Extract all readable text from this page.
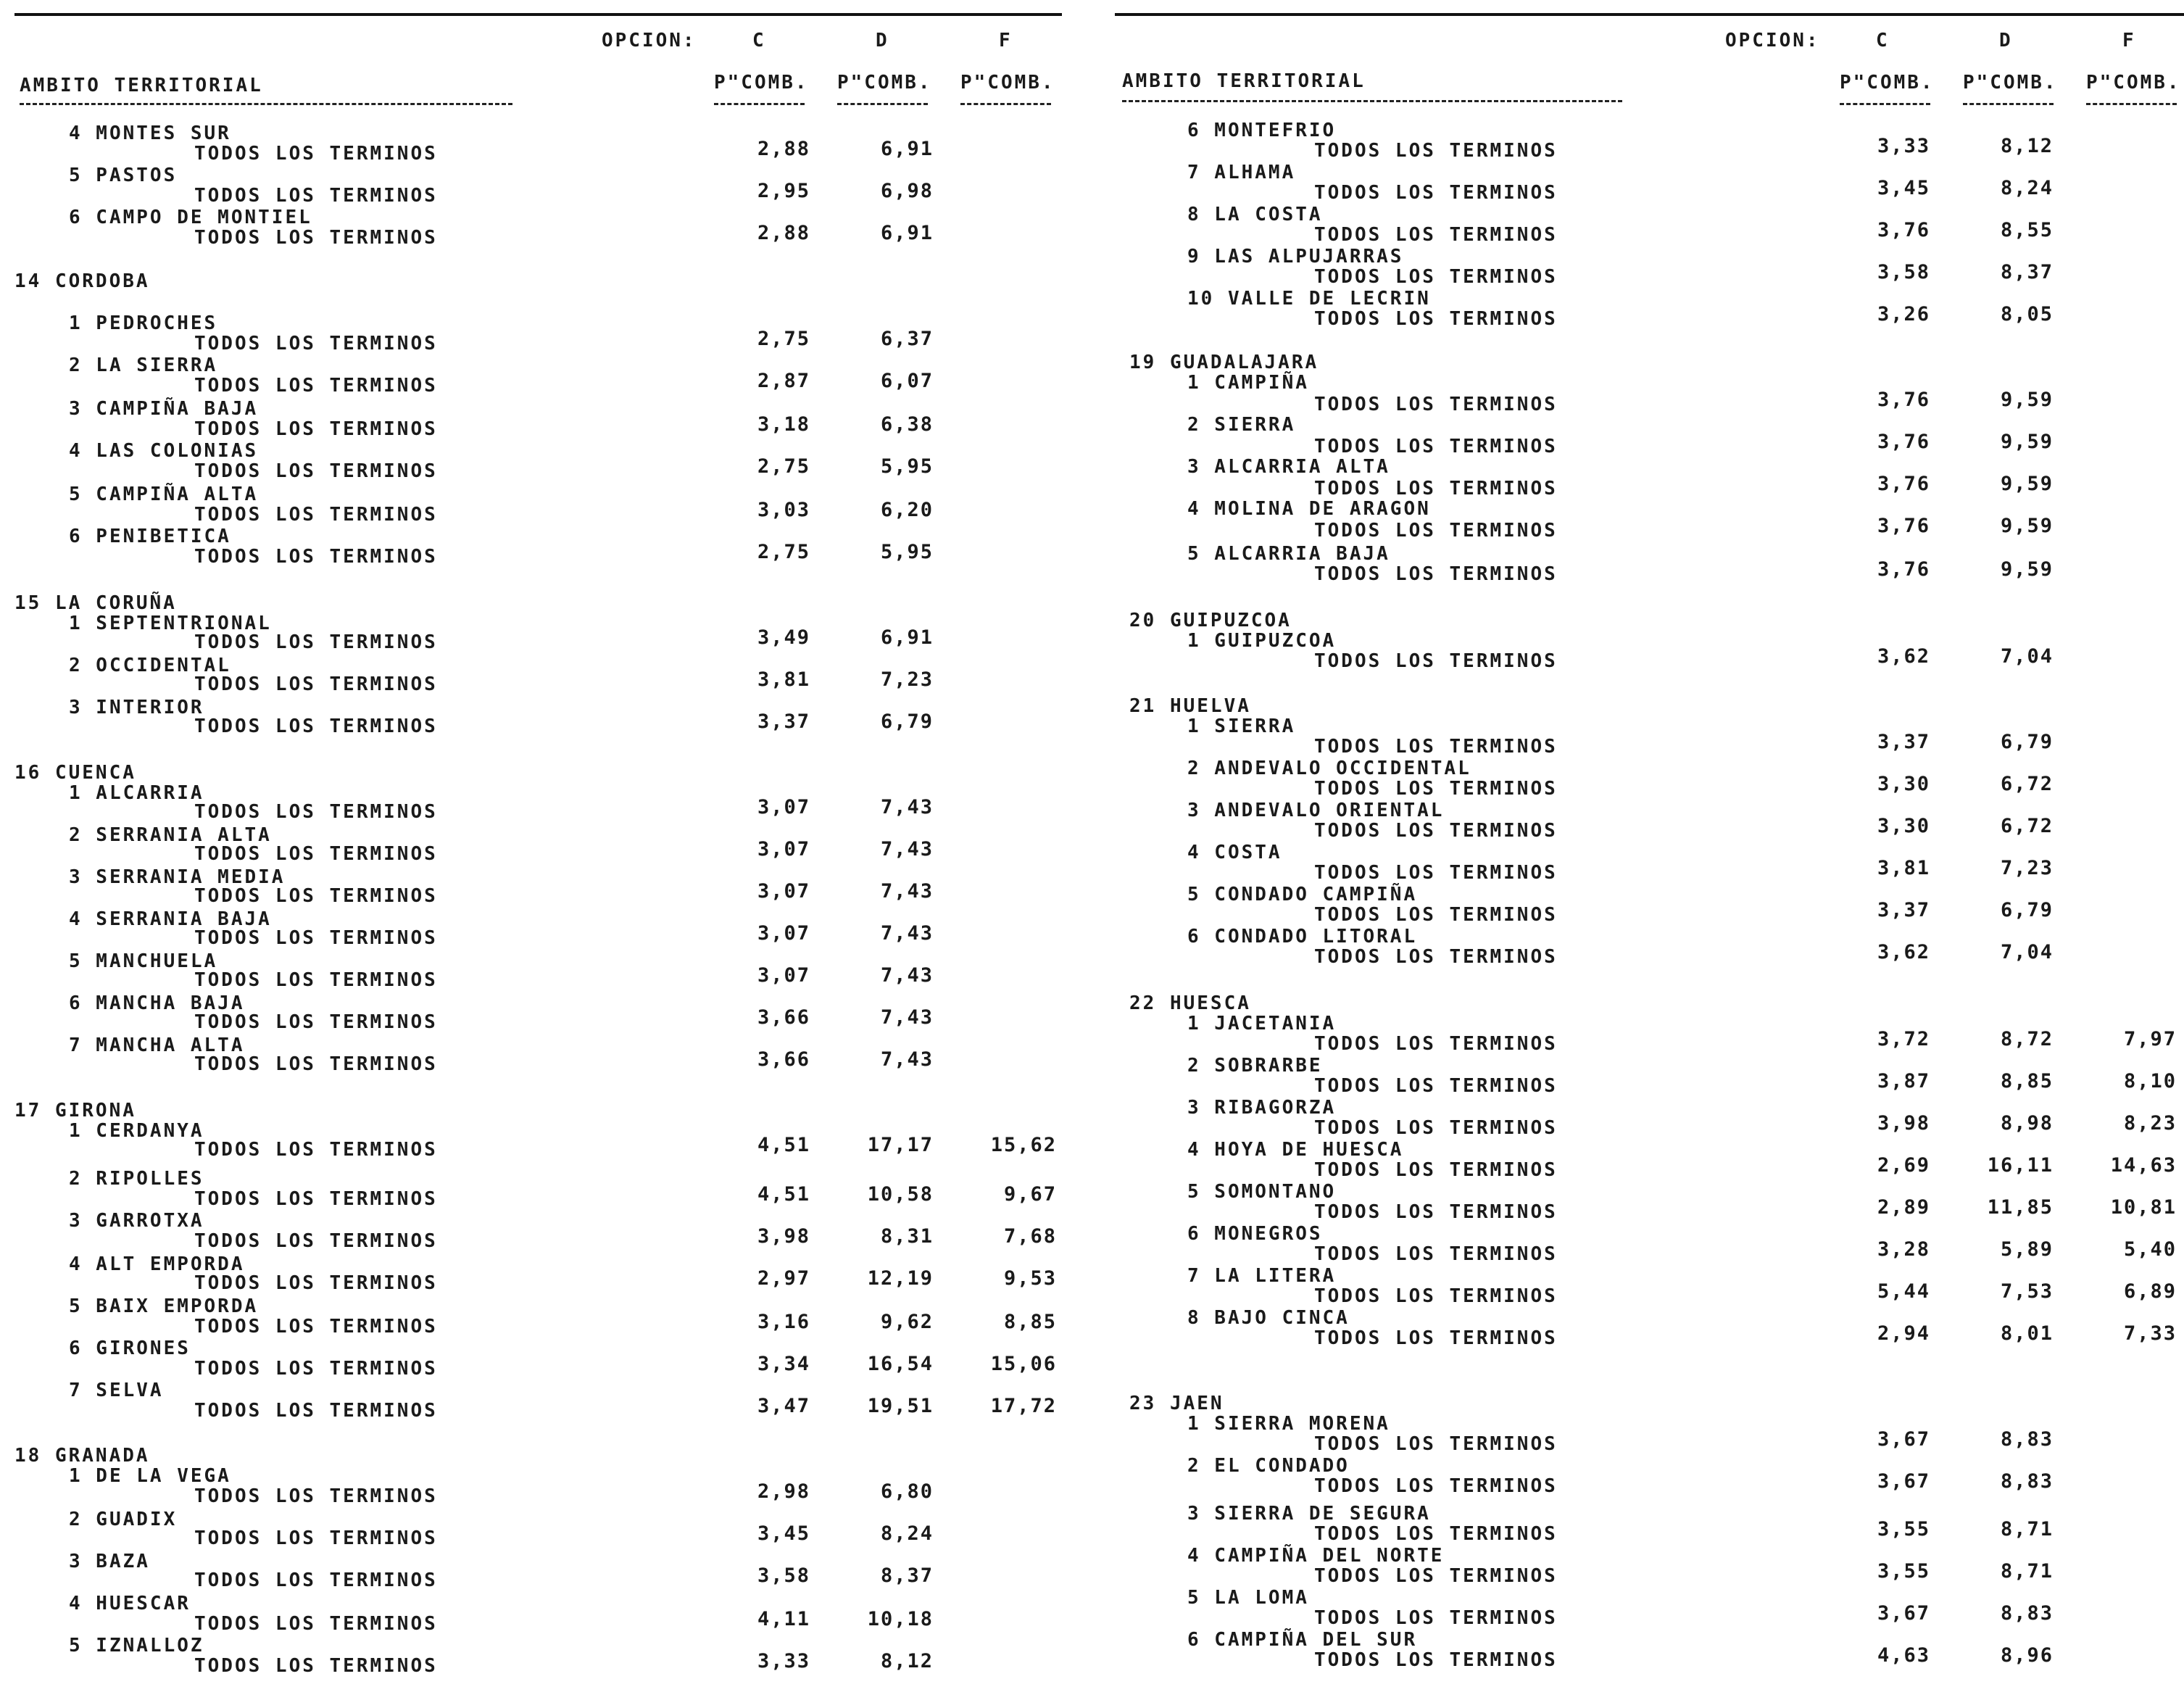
OPCION:	C	D	F
AMBITO TERRITORIAL	P"COMB. P"COMB. P"COMB.
4 MONTES SUR
TODOS LOS TERMINOS	2,88	6,91
5 PASTOS
TODOS LOS TERMINOS	2,95	6,98
6 CAMPO DE MONTIEL
TODOS LOS TERMINOS	2,88	6,91
14 CORDOBA
1 PEDROCHES
TODOS LOS TERMINOS	2,75	6,37
2 LA SIERRA
TODOS LOS TERMINOS	2,87	6,07
3 CAMPIÑA BAJA
TODOS LOS TERMINOS	3,18	6,38
4 LAS COLONIAS
TODOS LOS TERMINOS	2,75	5,95
5 CAMPIÑA ALTA
TODOS LOS TERMINOS	3,03	6,20
6 PENIBETICA
TODOS LOS TERMINOS	2,75	5,95
15 LA CORUÑA
1 SEPTENTRIONAL
TODOS LOS TERMINOS	3,49	6,91
2 OCCIDENTAL
TODOS LOS TERMINOS	3,81	7,23
3 INTERIOR
TODOS LOS TERMINOS	3,37	6,79
16 CUENCA
1 ALCARRIA
TODOS LOS TERMINOS	3,07	7,43
2 SERRANIA ALTA
TODOS LOS TERMINOS	3,07	7,43
3 SERRANIA MEDIA
TODOS LOS TERMINOS	3,07	7,43
4 SERRANIA BAJA
TODOS LOS TERMINOS	3,07	7,43
5 MANCHUELA
TODOS LOS TERMINOS	3,07	7,43
6 MANCHA BAJA
TODOS LOS TERMINOS	3,66	7,43
7 MANCHA ALTA
TODOS LOS TERMINOS	3,66	7,43
17 GIRONA
1 CERDANYA
TODOS LOS TERMINOS	4,51	17,17	15,62
2 RIPOLLES
TODOS LOS TERMINOS	4,51	10,58	9,67
3 GARROTXA
TODOS LOS TERMINOS	3,98	8,31	7,68
4 ALT EMPORDA
TODOS LOS TERMINOS	2,97	12,19	9,53
5 BAIX EMPORDA
TODOS LOS TERMINOS	3,16	9,62	8,85
6 GIRONES
TODOS LOS TERMINOS	3,34	16,54	15,06
7 SELVA
TODOS LOS TERMINOS	3,47	19,51	17,72
18 GRANADA
1 DE LA VEGA
TODOS LOS TERMINOS	2,98	6,80
2 GUADIX
TODOS LOS TERMINOS	3,45	8,24
3 BAZA
TODOS LOS TERMINOS	3,58	8,37
4 HUESCAR
TODOS LOS TERMINOS	4,11	10,18
5 IZNALLOZ
TODOS LOS TERMINOS	3,33	8,12
OPCION:	C	D	F
AMBITO TERRITORIAL	P"COMB. P"COMB. P"COMB.
6 MONTEFRIO
TODOS LOS TERMINOS	3,33	8,12
7 ALHAMA
TODOS LOS TERMINOS	3,45	8,24
8 LA COSTA
TODOS LOS TERMINOS	3,76	8,55
9 LAS ALPUJARRAS
TODOS LOS TERMINOS	3,58	8,37
10 VALLE DE LECRIN
TODOS LOS TERMINOS	3,26	8,05
19 GUADALAJARA
1 CAMPIÑA
TODOS LOS TERMINOS	3,76	9,59
2 SIERRA
TODOS LOS TERMINOS	3,76	9,59
3 ALCARRIA ALTA
TODOS LOS TERMINOS	3,76	9,59
4 MOLINA DE ARAGON
TODOS LOS TERMINOS	3,76	9,59
5 ALCARRIA BAJA
TODOS LOS TERMINOS	3,76	9,59
20 GUIPUZCOA
1 GUIPUZCOA
TODOS LOS TERMINOS	3,62	7,04
21 HUELVA
1 SIERRA
TODOS LOS TERMINOS	3,37	6,79
2 ANDEVALO OCCIDENTAL
TODOS LOS TERMINOS	3,30	6,72
3 ANDEVALO ORIENTAL
TODOS LOS TERMINOS	3,30	6,72
4 COSTA
TODOS LOS TERMINOS	3,81	7,23
5 CONDADO CAMPIÑA
TODOS LOS TERMINOS	3,37	6,79
6 CONDADO LITORAL
TODOS LOS TERMINOS	3,62	7,04
22 HUESCA
1 JACETANIA
TODOS LOS TERMINOS	3,72	8,72	7,97
2 SOBRARBE
TODOS LOS TERMINOS	3,87	8,85	8,10
3 RIBAGORZA
TODOS LOS TERMINOS	3,98	8,98	8,23
4 HOYA DE HUESCA
TODOS LOS TERMINOS	2,69	16,11	14,63
5 SOMONTANO
TODOS LOS TERMINOS	2,89	11,85	10,81
6 MONEGROS
TODOS LOS TERMINOS	3,28	5,89	5,40
7 LA LITERA
TODOS LOS TERMINOS	5,44	7,53	6,89
8 BAJO CINCA
TODOS LOS TERMINOS	2,94	8,01	7,33
23 JAEN
1 SIERRA MORENA
TODOS LOS TERMINOS	3,67	8,83
2 EL CONDADO
TODOS LOS TERMINOS	3,67	8,83
3 SIERRA DE SEGURA
TODOS LOS TERMINOS	3,55	8,71
4 CAMPIÑA DEL NORTE
TODOS LOS TERMINOS	3,55	8,71
5 LA LOMA
TODOS LOS TERMINOS	3,67	8,83
6 CAMPIÑA DEL SUR
TODOS LOS TERMINOS	4,63	8,96
